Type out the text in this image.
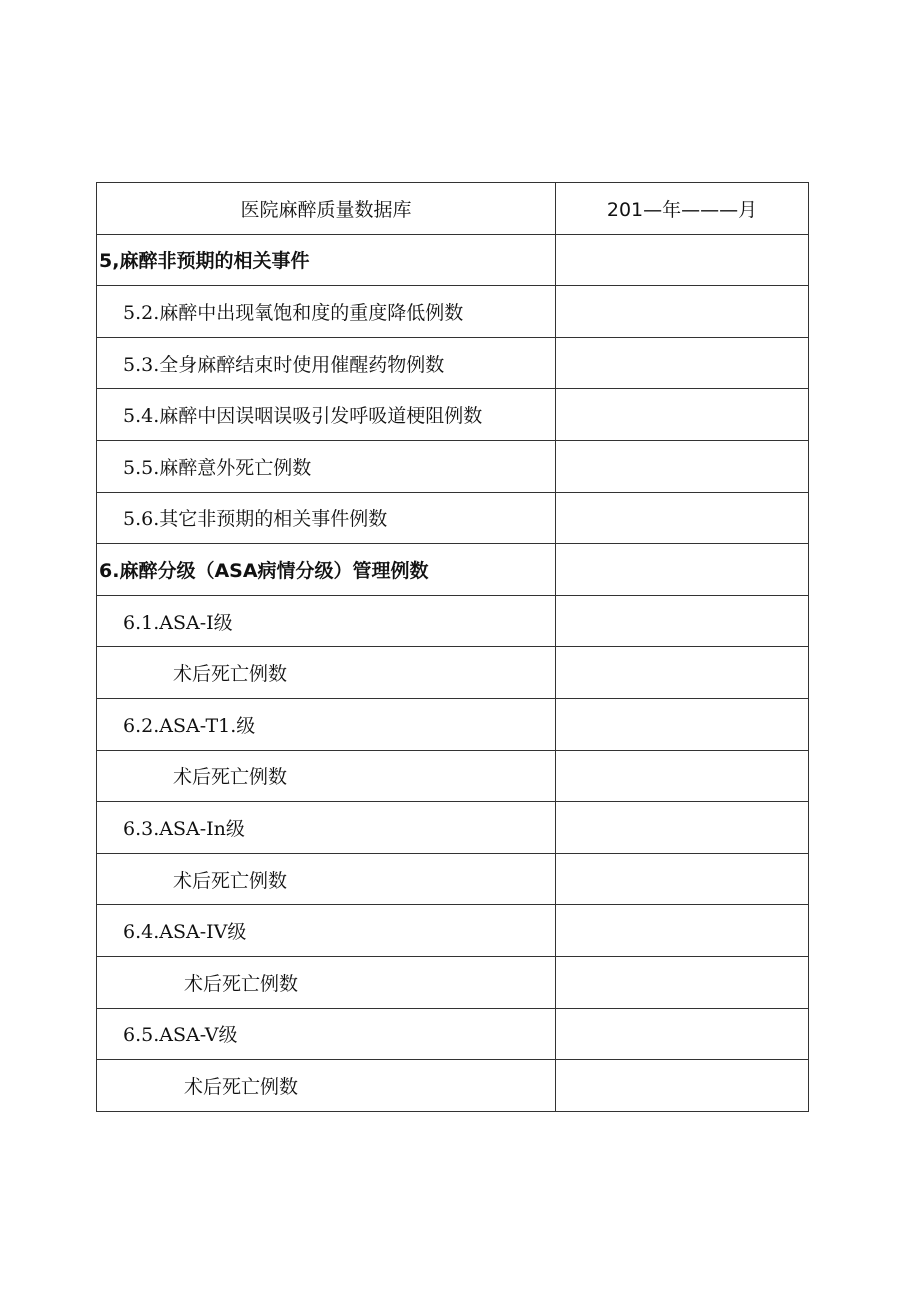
医院麻醉质量数据库	201—年———月
5,麻醉非预期的相关事件	
5.2.麻醉中出现氧饱和度的重度降低例数	
5.3.全身麻醉结束时使用催醒药物例数	
5.4.麻醉中因误咽误吸引发呼吸道梗阻例数	
5.5.麻醉意外死亡例数	
5.6.其它非预期的相关事件例数	
6.麻醉分级（ASA病情分级）管理例数	
6.1.ASA-I级	
术后死亡例数	
6.2.ASA-T1.级	
术后死亡例数	
6.3.ASA-In级	
术后死亡例数	
6.4.ASA-IV级	
术后死亡例数	
6.5.ASA-V级	
术后死亡例数	
